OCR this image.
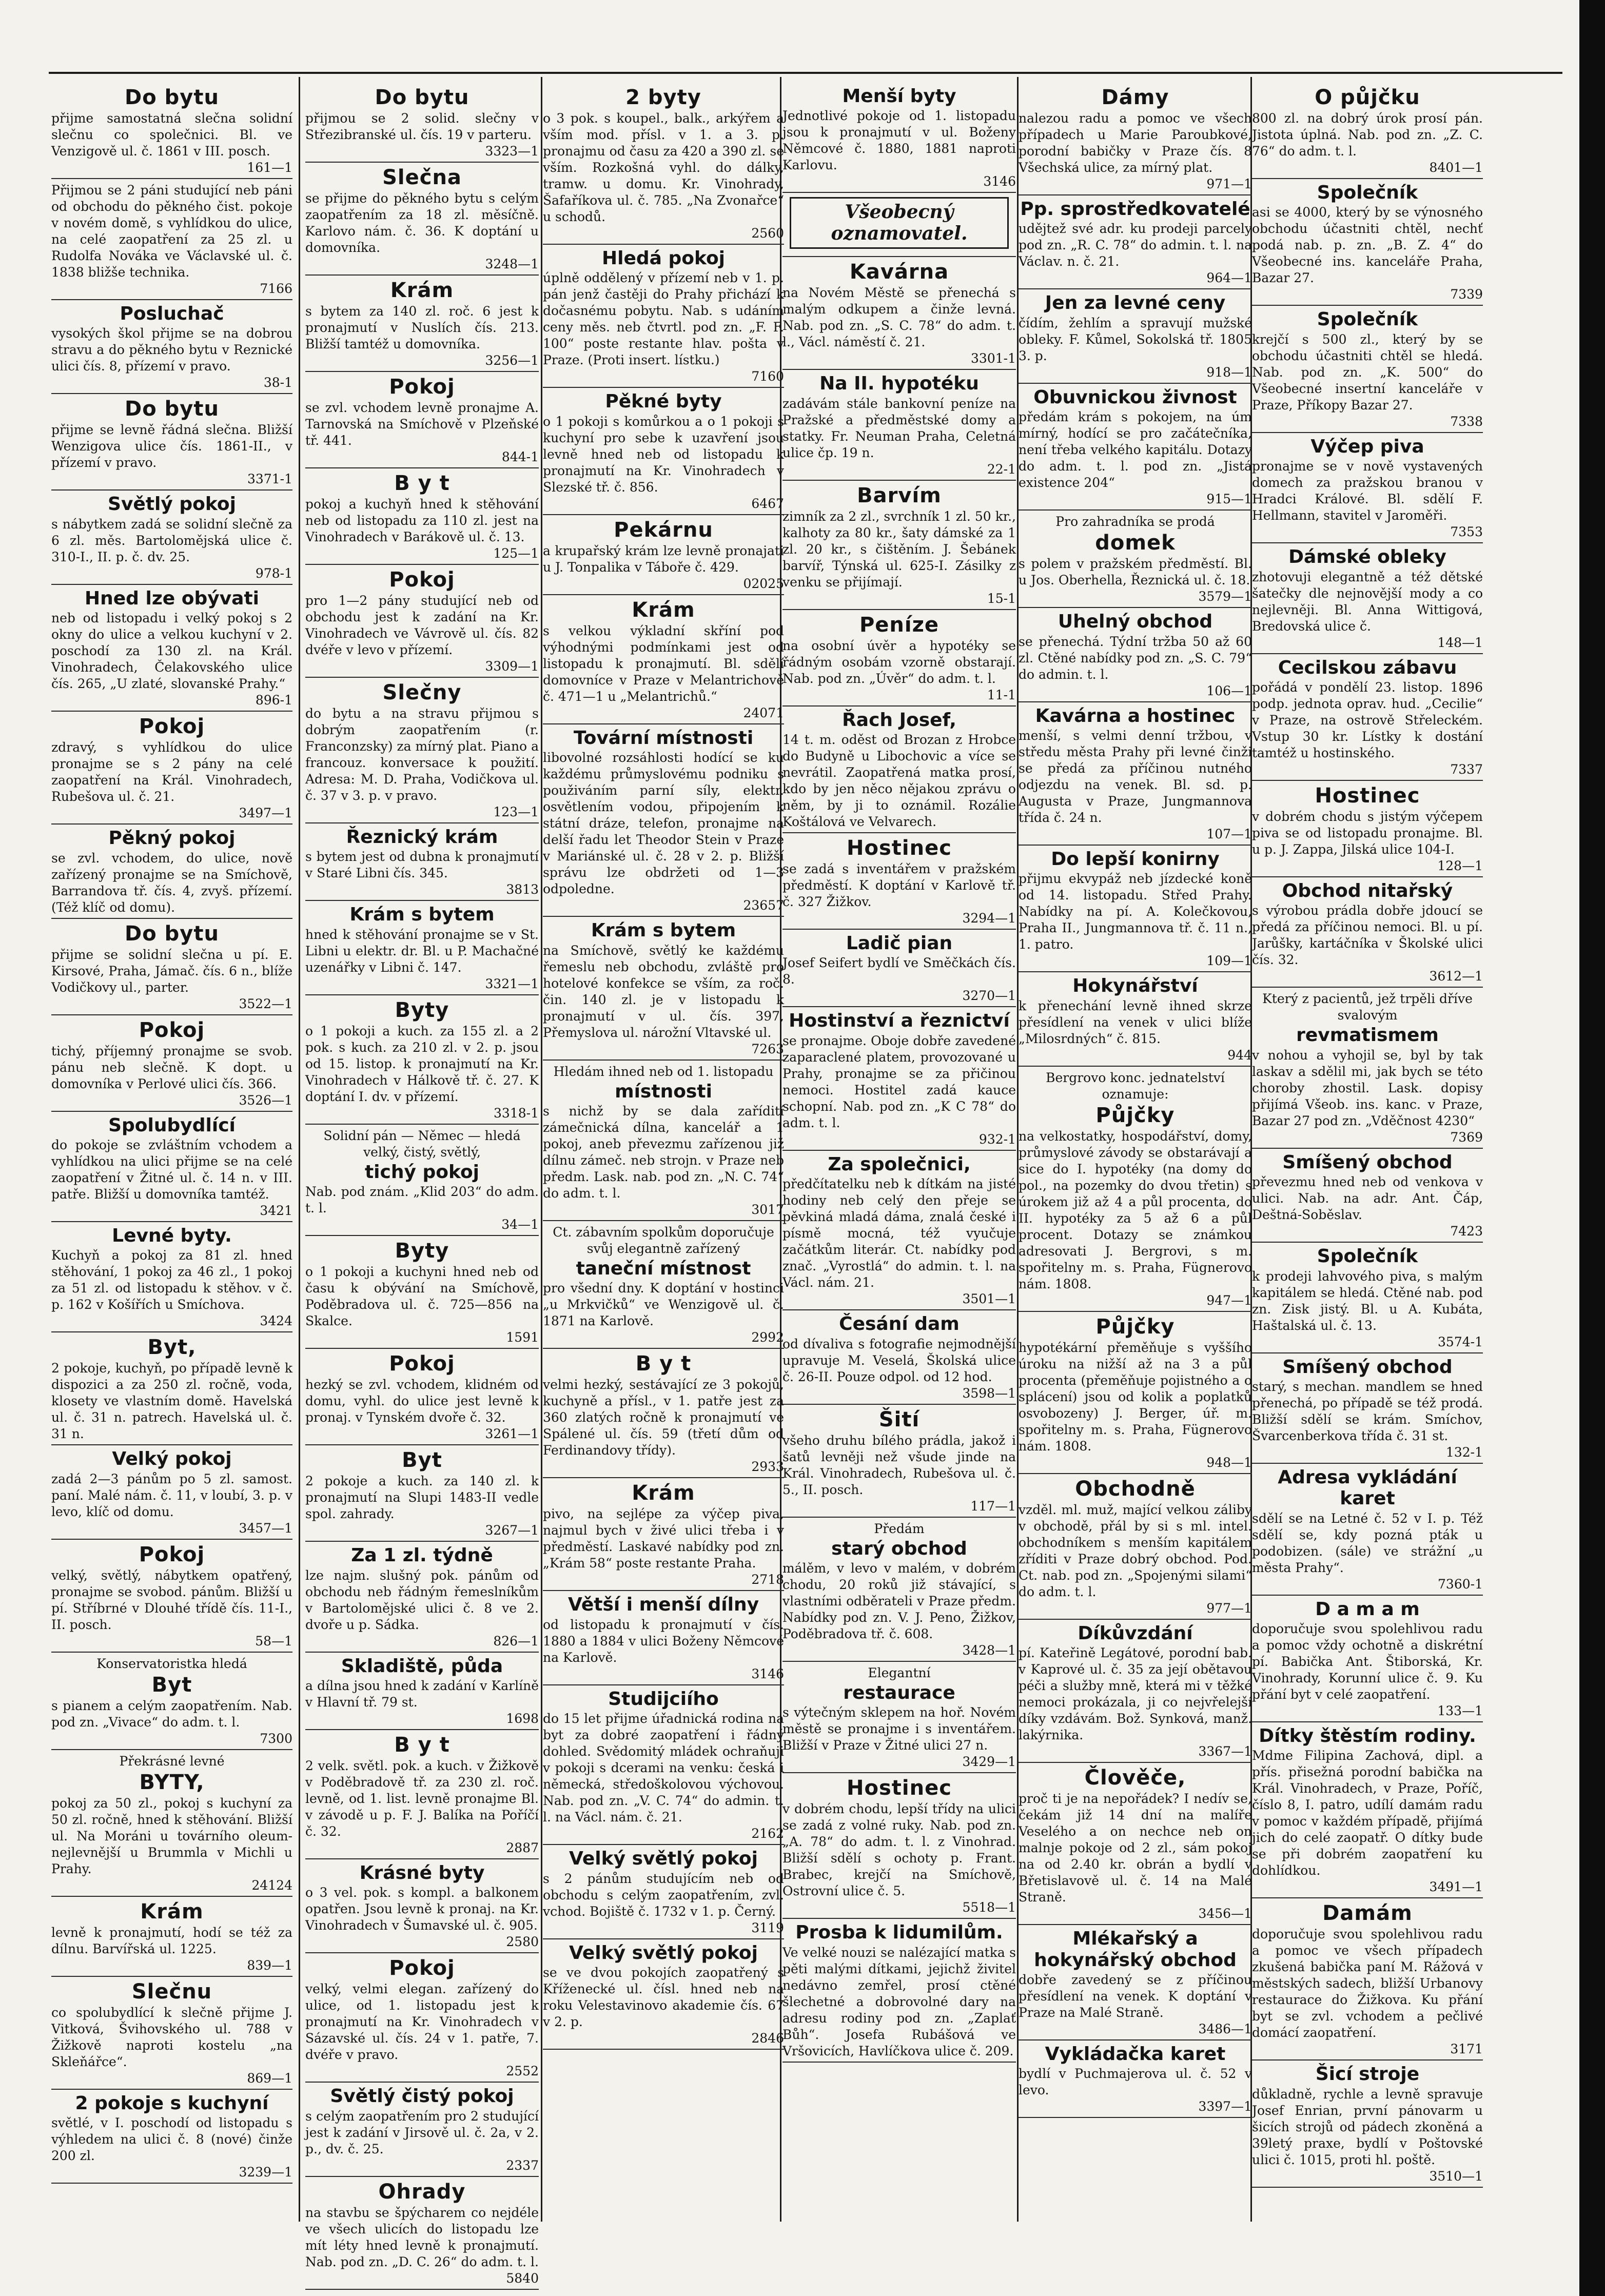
Do bytu
přijme samostatná slečna solidní slečnu co společnici. Bl. ve Venzigově ul. č. 1861 v III. posch.
161—1
Přijmou se 2 páni studující neb páni od obchodu do pěkného čist. pokoje v novém domě, s vyhlídkou do ulice, na celé zaopatření za 25 zl. u Rudolfa Nováka ve Václavské ul. č. 1838 bližše technika.
7166
Posluchač
vysokých škol přijme se na dobrou stravu a do pěkného bytu v Reznické ulici čís. 8, přízemí v pravo.
38-1
Do bytu
přijme se levně řádná slečna. Bližší Wenzigova ulice čís. 1861-II., v přízemí v pravo.
3371-1
Světlý pokoj
s nábytkem zadá se solidní slečně za 6 zl. měs. Bartolomějská ulice č. 310-I., II. p. č. dv. 25.
978-1
Hned lze obývati
neb od listopadu i velký pokoj s 2 okny do ulice a velkou kuchyní v 2. poschodí za 130 zl. na Král. Vinohradech, Čelakovského ulice čís. 265, „U zlaté, slovanské Prahy.“
896-1
Pokoj
zdravý, s vyhlídkou do ulice pronajme se s 2 pány na celé zaopatření na Král. Vinohradech, Rubešova ul. č. 21.
3497—1
Pěkný pokoj
se zvl. vchodem, do ulice, nově zařízený pronajme se na Smíchově, Barrandova tř. čís. 4, zvyš. přízemí. (Též klíč od domu).
Do bytu
přijme se solidní slečna u pí. E. Kirsové, Praha, Jámač. čís. 6 n., blíže Vodičkovy ul., parter.
3522—1
Pokoj
tichý, příjemný pronajme se svob. pánu neb slečně. K dopt. u domovníka v Perlové ulici čís. 366.
3526—1
Spolubydlící
do pokoje se zvláštním vchodem a vyhlídkou na ulici přijme se na celé zaopatření v Žitné ul. č. 14 n. v III. patře. Bližší u domovníka tamtéž.
3421
Levné byty.
Kuchyň a pokoj za 81 zl. hned stěhování, 1 pokoj za 46 zl., 1 pokoj za 51 zl. od listopadu k stěhov. v č. p. 162 v Košířích u Smíchova.
3424
Byt,
2 pokoje, kuchyň, po případě levně k dispozici a za 250 zl. ročně, voda, klosety ve vlastním domě. Havelská ul. č. 31 n. patrech. Havelská ul. č. 31 n.
Velký pokoj
zadá 2—3 pánům po 5 zl. samost. paní. Malé nám. č. 11, v loubí, 3. p. v levo, klíč od domu.
3457—1
Pokoj
velký, světlý, nábytkem opatřený, pronajme se svobod. pánům. Bližší u pí. Stříbrné v Dlouhé třídě čís. 11-I., II. posch.
58—1
Konservatoristka hledá
Byt
s pianem a celým zaopatřením. Nab. pod zn. „Vivace“ do adm. t. l.
7300
Překrásné levné
BYTY,
pokoj za 50 zl., pokoj s kuchyní za 50 zl. ročně, hned k stěhování. Bližší ul. Na Moráni u továrního oleum-nejlevnější u Brummla v Michli u Prahy.
24124
Krám
levně k pronajmutí, hodí se též za dílnu. Barvířská ul. 1225.
839—1
Slečnu
co spolubydlící k slečně přijme J. Vitková, Švihovského ul. 788 v Žižkově naproti kostelu „na Skleňářce“.
869—1
2 pokoje s kuchyní
světlé, v I. poschodí od listopadu s výhledem na ulici č. 8 (nové) činže 200 zl.
3239—1
Do bytu
přijmou se 2 solid. slečny v Střezibranské ul. čís. 19 v parteru.
3323—1
Slečna
se přijme do pěkného bytu s celým zaopatřením za 18 zl. měsíčně. Karlovo nám. č. 36. K doptání u domovníka.
3248—1
Krám
s bytem za 140 zl. roč. 6 jest k pronajmutí v Nuslích čís. 213. Bližší tamtéž u domovníka.
3256—1
Pokoj
se zvl. vchodem levně pronajme A. Tarnovská na Smíchově v Plzeňské tř. 441.
844-1
B y t
pokoj a kuchyň hned k stěhování neb od listopadu za 110 zl. jest na Vinohradech v Barákově ul. č. 13.
125—1
Pokoj
pro 1—2 pány studující neb od obchodu jest k zadání na Kr. Vinohradech ve Vávrově ul. čís. 82 dvéře v levo v přízemí.
3309—1
Slečny
do bytu a na stravu přijmou s dobrým zaopatřením (r. Franconzsky) za mírný plat. Piano a francouz. konversace k použití. Adresa: M. D. Praha, Vodičkova ul. č. 37 v 3. p. v pravo.
123—1
Řeznický krám
s bytem jest od dubna k pronajmutí v Staré Libni čís. 345.
3813
Krám s bytem
hned k stěhování pronajme se v St. Libni u elektr. dr. Bl. u P. Machačné uzenářky v Libni č. 147.
3321—1
Byty
o 1 pokoji a kuch. za 155 zl. a 2 pok. s kuch. za 210 zl. v 2. p. jsou od 15. listop. k pronajmutí na Kr. Vinohradech v Hálkově tř. č. 27. K doptání I. dv. v přízemí.
3318-1
Solidní pán — Němec — hledá velký, čistý, světlý,
tichý pokoj
Nab. pod znám. „Klid 203“ do adm. t. l.
34—1
Byty
o 1 pokoji a kuchyni hned neb od času k obývání na Smíchově, Poděbradova ul. č. 725—856 na Skalce.
1591
Pokoj
hezký se zvl. vchodem, klidném od domu, vyhl. do ulice jest levně k pronaj. v Tynském dvoře č. 32.
3261—1
Byt
2 pokoje a kuch. za 140 zl. k pronajmutí na Slupi 1483-II vedle spol. zahrady.
3267—1
Za 1 zl. týdně
lze najm. slušný pok. pánům od obchodu neb řádným řemeslníkům v Bartolomějské ulici č. 8 ve 2. dvoře u p. Sádka.
826—1
Skladiště, půda
a dílna jsou hned k zadání v Karlíně v Hlavní tř. 79 st.
1698
B y t
2 velk. světl. pok. a kuch. v Žižkově v Poděbradově tř. za 230 zl. roč. levně, od 1. list. levně pronajme Bl. v závodě u p. F. J. Balíka na Poříčí č. 32.
2887
Krásné byty
o 3 vel. pok. s kompl. a balkonem opatřen. Jsou levně k pronaj. na Kr. Vinohradech v Šumavské ul. č. 905.
2580
Pokoj
velký, velmi elegan. zařízený do ulice, od 1. listopadu jest k pronajmutí na Kr. Vinohradech v Sázavské ul. čís. 24 v 1. patře, 7. dvéře v pravo.
2552
Světlý čistý pokoj
s celým zaopatřením pro 2 studující jest k zadání v Jirsově ul. č. 2a, v 2. p., dv. č. 25.
2337
Ohrady
na stavbu se špýcharem co nejdéle ve všech ulicích do listopadu lze mít léty hned levně k pronajmutí. Nab. pod zn. „D. C. 26“ do adm. t. l.
5840
2 byty
o 3 pok. s koupel., balk., arkýřem a vším mod. přísl. v 1. a 3. p. pronajmu od času za 420 a 390 zl. se vším. Rozkošná vyhl. do dálky, tramw. u domu. Kr. Vinohrady, Šafaříkova ul. č. 785. „Na Zvonařce“ u schodů.
2560
Hledá pokoj
úplně oddělený v přízemí neb v 1. p. pán jenž častěji do Prahy přichází k dočasnému pobytu. Nab. s udáním ceny měs. neb čtvrtl. pod zn. „F. F. 100“ poste restante hlav. pošta v Praze. (Proti insert. lístku.)
7160
Pěkné byty
o 1 pokoji s komůrkou a o 1 pokoji s kuchyní pro sebe k uzavření jsou levně hned neb od listopadu k pronajmutí na Kr. Vinohradech v Slezské tř. č. 856.
6467
Pekárnu
a krupařský krám lze levně pronajati u J. Tonpalika v Táboře č. 429.
02025
Krám
s velkou výkladní skříní pod výhodnými podmínkami jest od listopadu k pronajmutí. Bl. sdělí domovníce v Praze v Melantrichově č. 471—1 u „Melantrichů.“
24071
Tovární místnosti
libovolné rozsáhlosti hodící se ku každému průmyslovému podniku s použiváním parní síly, elektr. osvětlením vodou, připojením k státní dráze, telefon, pronajme na delší řadu let Theodor Stein v Praze v Mariánské ul. č. 28 v 2. p. Bližší správu lze obdržeti od 1—3 odpoledne.
23657
Krám s bytem
na Smíchově, světlý ke každému řemeslu neb obchodu, zvláště pro hotelové konfekce se vším, za roč. čin. 140 zl. je v listopadu k pronajmutí v ul. čís. 397, Přemyslova ul. nárožní Vltavské ul.
7263
Hledám ihned neb od 1. listopadu
místnosti
s nichž by se dala zařídití zámečnická dílna, kancelář a 1 pokoj, aneb převezmu zařízenou již dílnu zámeč. neb strojn. v Praze neb předm. Lask. nab. pod zn. „N. C. 74“ do adm. t. l.
3017
Ct. zábavním spolkům doporučuje svůj elegantně zařízený
taneční místnost
pro všední dny. K doptání v hostinci „u Mrkvičků“ ve Wenzigově ul. č. 1871 na Karlově.
2992
B y t
velmi hezký, sestávající ze 3 pokojů, kuchyně a přísl., v 1. patře jest za 360 zlatých ročně k pronajmutí ve Spálené ul. čís. 59 (třetí dům od Ferdinandovy třídy).
2933
Krám
pivo, na sejlépe za výčep piva, najmul bych v živé ulici třeba i v předměstí. Laskavé nabídky pod zn. „Krám 58“ poste restante Praha.
2718
Větší i menší dílny
od listopadu k pronajmutí v čís. 1880 a 1884 v ulici Boženy Němcové na Karlově.
3146
Studijciího
do 15 let přijme úřadnická rodina na byt za dobré zaopatření i řádný dohled. Svědomitý mládek ochraňuji v pokoji s dcerami na venku: česká i německá, středoškolovou výchovou. Nab. pod zn. „V. C. 74“ do admin. t. l. na Václ. nám. č. 21.
2162
Velký světlý pokoj
s 2 pánům studujícím neb od obchodu s celým zaopatřením, zvl. vchod. Bojiště č. 1732 v 1. p. Černý.
3119
Velký světlý pokoj
se ve dvou pokojích zaopatřený s Kříženecké ul. čísl. hned neb na roku Velestavinovo akademie čís. 67 v 2. p.
2846
Menší byty
Jednotlivé pokoje od 1. listopadu jsou k pronajmutí v ul. Boženy Němcové č. 1880, 1881 naproti Karlovu.
3146
Všeobecný oznamovatel.
Kavárna
na Novém Městě se přenechá s malým odkupem a činže levná. Nab. pod zn. „S. C. 78“ do adm. t. l., Václ. náměstí č. 21.
3301-1
Na II. hypotéku
zadávám stále bankovní peníze na Pražské a předměstské domy a statky. Fr. Neuman Praha, Celetná ulice čp. 19 n.
22-1
Barvím
zimník za 2 zl., svrchník 1 zl. 50 kr., kalhoty za 80 kr., šaty dámské za 1 zl. 20 kr., s čištěním. J. Šebánek barvíř, Týnská ul. 625-I. Zásilky z venku se přijímají.
15-1
Peníze
na osobní úvěr a hypotéky se řádným osobám vzorně obstarají. Nab. pod zn. „Úvěr“ do adm. t. l.
11-1
Řach Josef,
14 t. m. oděst od Brozan z Hrobce do Budyně u Libochovic a více se nevrátil. Zaopatřená matka prosí, kdo by jen něco nějakou zprávu o něm, by ji to oznámil. Rozálie Koštálová ve Velvarech.
Hostinec
se zadá s inventářem v pražském předměstí. K doptání v Karlově tř. č. 327 Žižkov.
3294—1
Ladič pian
Josef Seifert bydlí ve Směčkách čís. 8.
3270—1
Hostinství a řeznictví
se pronajme. Oboje dobře zavedené zaparaclené platem, provozované u Prahy, pronajme se za přičinou nemoci. Hostitel zadá kauce schopní. Nab. pod zn. „K C 78“ do adm. t. l.
932-1
Za společnici,
předčítatelku neb k dítkám na jisté hodiny neb celý den přeje se pěvkiná mladá dáma, znalá české i písmě mocná, též vyučuje začátkům literár. Ct. nabídky pod znač. „Vyrostlá“ do admin. t. l. na Václ. nám. 21.
3501—1
Česání dam
od dívaliva s fotografie nejmodnější upravuje M. Veselá, Školská ulice č. 26-II. Pouze odpol. od 12 hod.
3598—1
Šití
všeho druhu bílého prádla, jakož i šatů levněji než všude jinde na Král. Vinohradech, Rubešova ul. č. 5., II. posch.
117—1
Předám
starý obchod
málěm, v levo v malém, v dobrém chodu, 20 roků již stávající, s vlastními odběrateli v Praze předm. Nabídky pod zn. V. J. Peno, Žižkov, Poděbradova tř. č. 608.
3428—1
Elegantní
restaurace
s výtečným sklepem na hoř. Novém městě se pronajme i s inventářem. Bližší v Praze v Žitné ulici 27 n.
3429—1
Hostinec
v dobrém chodu, lepší třídy na ulici se zadá z volné ruky. Nab. pod zn. „A. 78“ do adm. t. l. z Vinohrad. Bližší sdělí s ochoty p. Frant. Brabec, krejčí na Smíchově, Ostrovní ulice č. 5.
5518—1
Prosba k lidumilům.
Ve velké nouzi se nalézající matka s pěti malými dítkami, jejichž živitel nedávno zemřel, prosí ctěné šlechetné a dobrovolné dary na adresu rodiny pod zn. „Zaplať Bůh“. Josefa Rubášová ve Vršovicích, Havlíčkova ulice č. 209.
Dámy
nalezou radu a pomoc ve všech případech u Marie Paroubkové, porodní babičky v Praze čís. 8 Všechská ulice, za mírný plat.
971—1
Pp. sprostředkovatelé
udějtež své adr. ku prodeji parcely pod zn. „R. C. 78“ do admin. t. l. na Václav. n. č. 21.
964—1
Jen za levné ceny
čídím, žehlím a spravují mužské obleky. F. Kůmel, Sokolská tř. 1805 3. p.
918—1
Obuvnickou živnost
předám krám s pokojem, na úm mírný, hodící se pro začátečníka, není třeba velkého kapitálu. Dotazy do adm. t. l. pod zn. „Jistá existence 204“
915—1
Pro zahradníka se prodá
domek
s polem v pražském předměstí. Bl. u Jos. Oberhella, Řeznická ul. č. 18.
3579—1
Uhelný obchod
se přenechá. Týdní tržba 50 až 60 zl. Ctěné nabídky pod zn. „S. C. 79“ do admin. t. l.
106—1
Kavárna a hostinec
menší, s velmi denní tržbou, v středu města Prahy při levné činži se předá za příčinou nutného odjezdu na venek. Bl. sd. p. Augusta v Praze, Jungmannova třída č. 24 n.
107—1
Do lepší konirny
přijmu ekvypáž neb jízdecké koně od 14. listopadu. Střed Prahy. Nabídky na pí. A. Kolečkovou, Praha II., Jungmannova tř. č. 11 n., 1. patro.
109—1
Hokynářství
k přenechání levně ihned skrze přesídlení na venek v ulici blíže „Milosrdných“ č. 815.
944
Bergrovo konc. jednatelství oznamuje:
Půjčky
na velkostatky, hospodářství, domy, průmyslové závody se obstarávají a sice do I. hypotéky (na domy do pol., na pozemky do dvou třetin) s úrokem již až 4 a půl procenta, do II. hypotéky za 5 až 6 a půl procent. Dotazy se známkou adresovati J. Bergrovi, s m. spořitelny m. s. Praha, Fügnerovo nám. 1808.
947—1
Půjčky
hypotékární přeměňuje s vyššího úroku na nižší až na 3 a půl procenta (přeměňuje pojistného a o splácení) jsou od kolik a poplatků osvobozeny) J. Berger, úř. m. spořitelny m. s. Praha, Fügnerovo nám. 1808.
948—1
Obchodně
vzděl. ml. muž, mající velkou záliby v obchodě, přál by si s ml. intel. obchodníkem s menším kapitálem zříditi v Praze dobrý obchod. Pod. Ct. nab. pod zn. „Spojenými silami“ do adm. t. l.
977—1
Díkůvzdání
pí. Kateřině Legátové, porodní bab. v Kaprové ul. č. 35 za její obětavou péči a služby mně, která mi v těžké nemoci prokázala, ji co nejvřelejší díky vzdávám. Bož. Synková, manž. lakýrnika.
3367—1
Člověče,
proč ti je na nepořádek? I nedív se, čekám již 14 dní na malíře Veselého a on nechce neb on malnje pokoje od 2 zl., sám pokoj na od 2.40 kr. obrán a bydlí v Břetislavově ul. č. 14 na Malé Straně.
3456—1
Mlékařský a hokynářský obchod
dobře zavedený se z příčinou přesídlení na venek. K doptání v Praze na Malé Straně.
3486—1
Vykládačka karet
bydlí v Puchmajerova ul. č. 52 v levo.
3397—1
O půjčku
800 zl. na dobrý úrok prosí pán. Jistota úplná. Nab. pod zn. „Z. C. 76“ do adm. t. l.
8401—1
Společník
asi se 4000, který by se výnosného obchodu účastniti chtěl, nechť podá nab. p. zn. „B. Z. 4“ do Všeobecné ins. kanceláře Praha, Bazar 27.
7339
Společník
krejčí s 500 zl., který by se obchodu účastniti chtěl se hledá. Nab. pod zn. „K. 500“ do Všeobecné insertní kanceláře v Praze, Příkopy Bazar 27.
7338
Výčep piva
pronajme se v nově vystavených domech za pražskou branou v Hradci Králové. Bl. sdělí F. Hellmann, stavitel v Jaroměři.
7353
Dámské obleky
zhotovuji elegantně a též dětské šatečky dle nejnovější mody a co nejlevněji. Bl. Anna Wittigová, Bredovská ulice č.
148—1
Cecilskou zábavu
pořádá v pondělí 23. listop. 1896 podp. jednota oprav. hud. „Cecilie“ v Praze, na ostrově Střeleckém. Vstup 30 kr. Lístky k dostání tamtéž u hostinského.
7337
Hostinec
v dobrém chodu s jistým výčepem piva se od listopadu pronajme. Bl. u p. J. Zappa, Jilská ulice 104-I.
128—1
Obchod nitařský
s výrobou prádla dobře jdoucí se předá za příčinou nemoci. Bl. u pí. Jarůšky, kartáčníka v Školské ulici čís. 32.
3612—1
Který z pacientů, jež trpěli dříve svalovým
revmatismem
v nohou a vyhojil se, byl by tak laskav a sdělil mi, jak bych se této choroby zhostil. Lask. dopisy přijímá Všeob. ins. kanc. v Praze, Bazar 27 pod zn. „Vděčnost 4230“
7369
Smíšený obchod
převezmu hned neb od venkova v ulici. Nab. na adr. Ant. Čáp, Deštná-Soběslav.
7423
Společník
k prodeji lahvového piva, s malým kapitálem se hledá. Ctěné nab. pod zn. Zisk jistý. Bl. u A. Kubáta, Haštalská ul. č. 13.
3574-1
Smíšený obchod
starý, s mechan. mandlem se hned přenechá, po případě se též prodá. Bližší sdělí se krám. Smíchov, Švarcenberkova třída č. 31 st.
132-1
Adresa vykládání karet
sdělí se na Letné č. 52 v I. p. Též sdělí se, kdy pozná pták u podobizen. (sále) ve strážní „u města Prahy“.
7360-1
D a m a m
doporučuje svou spolehlivou radu a pomoc vždy ochotně a diskrétní pí. Babička Ant. Štiborská, Kr. Vinohrady, Korunní ulice č. 9. Ku přání byt v celé zaopatření.
133—1
Dítky štěstím rodiny.
Mdme Filipina Zachová, dipl. a přís. přisežná porodní babička na Král. Vinohradech, v Praze, Poříč, číslo 8, I. patro, udílí damám radu v pomoc v každém případě, přijímá jich do celé zaopatř. O dítky bude se při dobrém zaopatření ku dohlídkou.
3491—1
Damám
doporučuje svou spolehlivou radu a pomoc ve všech případech zkušená babička paní M. Rážová v městských sadech, bližší Urbanovy restaurace do Žižkova. Ku přání byt se zvl. vchodem a pečlivé domácí zaopatření.
3171
Šicí stroje
důkladně, rychle a levně spravuje Josef Enrian, první pánovarm u šicích strojů od pádech zkoněná a 39letý praxe, bydlí v Poštovské ulici č. 1015, proti hl. poště.
3510—1
